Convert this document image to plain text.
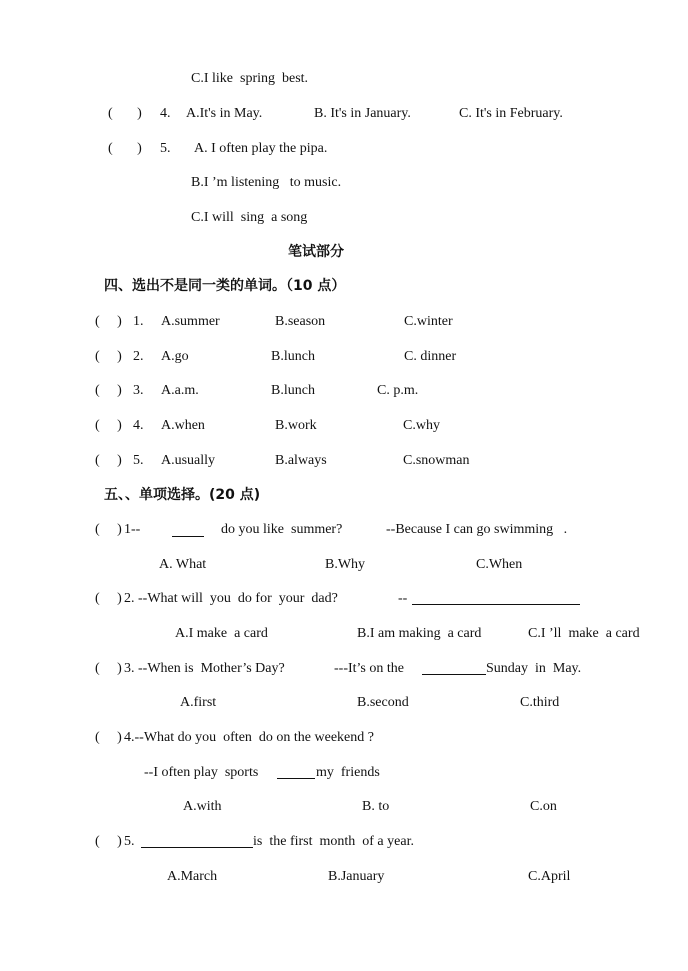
C.I like  spring  best.
(       ) 4. A.It's in May.	B. It's in January.	C. It's in February.
(       ) 5. A. I often play the pipa.
B.I ’m listening   to music.
C.I will  sing  a song
笔试部分
四、选出不是同一类的单词。（10 点）
(     ) 1. A.summer	B.season	C.winter
(     ) 2. A.go	B.lunch	C. dinner
(     ) 3. A.a.m.	B.lunch	C. p.m.
(     ) 4. A.when	B.work	C.why
(     ) 5. A.usually	B.always	C.snowman
五、、单项选择。(20 点)
(     ) 1--	do you like  summer?	--Because I can go swimming   .
A. What	B.Why	C.When
(     ) 2. --What will  you  do for  your  dad?	--
A.I make  a card	B.I am making  a card	C.I ’ll  make  a card
(     ) 3. --When is  Mother’s Day?	---It’s on the	Sunday  in  May.
A.first	B.second	C.third
(     ) 4.--What do you  often  do on the weekend ?
--I often play  sports	my  friends
A.with	B. to	C.on
(     ) 5.	is  the first  month  of a year.
A.March	B.January	C.April
